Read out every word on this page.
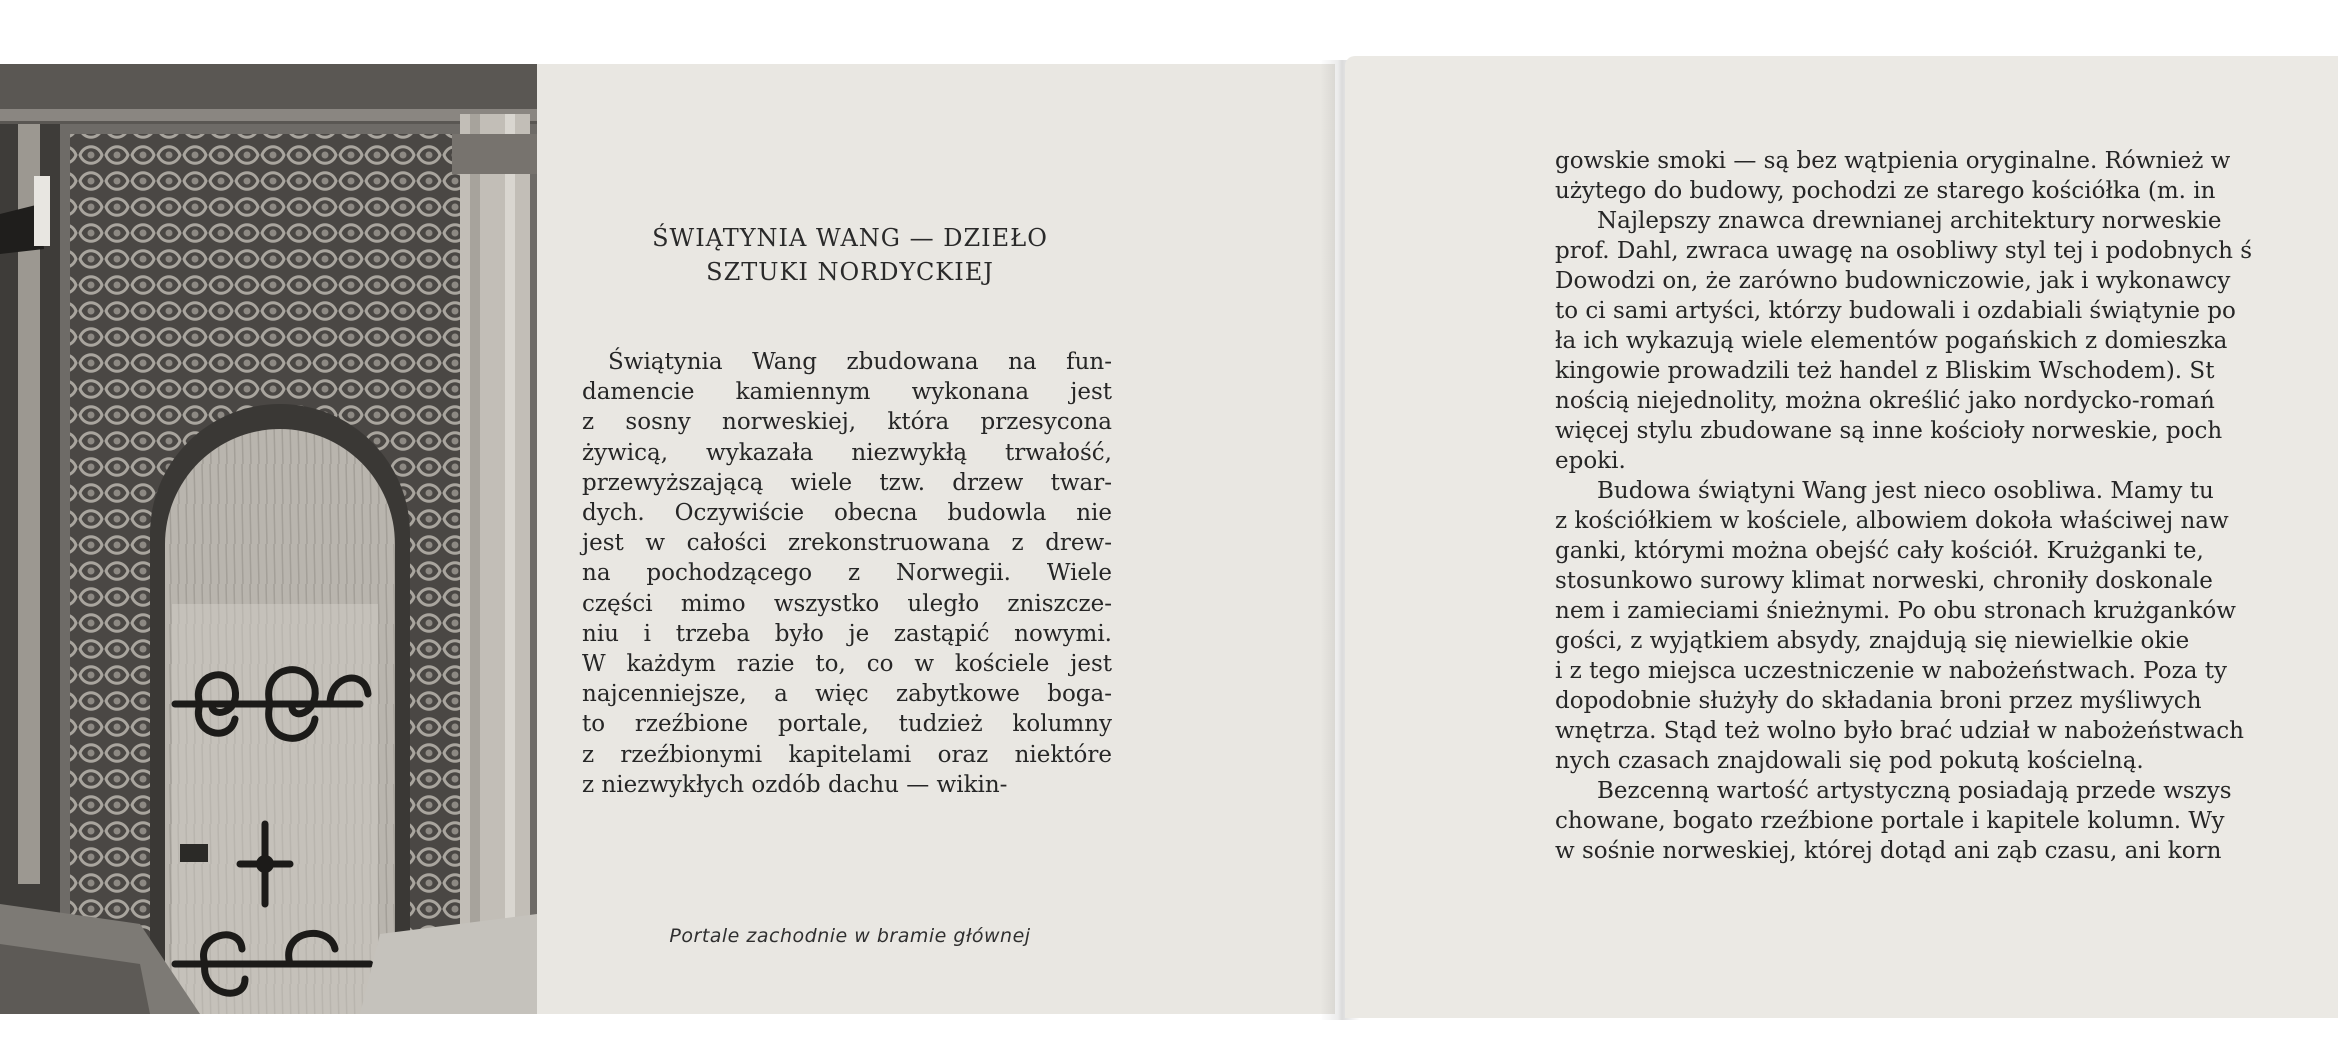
ŚWIĄTYNIA WANG — DZIEŁO
SZTUKI NORDYCKIEJ
Świątynia Wang zbudowana na fun-
damencie kamiennym wykonana jest
z sosny norweskiej, która przesycona
żywicą, wykazała niezwykłą trwałość,
przewyższającą wiele tzw. drzew twar-
dych. Oczywiście obecna budowla nie
jest w całości zrekonstruowana z drew-
na pochodzącego z Norwegii. Wiele
części mimo wszystko uległo zniszcze-
niu i trzeba było je zastąpić nowymi.
W każdym razie to, co w kościele jest
najcenniejsze, a więc zabytkowe boga-
to rzeźbione portale, tudzież kolumny
z rzeźbionymi kapitelami oraz niektóre
z niezwykłych ozdób dachu — wikin-
Portale zachodnie w bramie głównej
gowskie smoki — są bez wątpienia oryginalne. Również w
użytego do budowy, pochodzi ze starego kościółka (m. in
Najlepszy znawca drewnianej architektury norweskie
prof. Dahl, zwraca uwagę na osobliwy styl tej i podobnych ś
Dowodzi on, że zarówno budowniczowie, jak i wykonawcy
to ci sami artyści, którzy budowali i ozdabiali świątynie po
ła ich wykazują wiele elementów pogańskich z domieszka
kingowie prowadzili też handel z Bliskim Wschodem). St
nością niejednolity, można określić jako nordycko-romań
więcej stylu zbudowane są inne kościoły norweskie, poch
epoki.
Budowa świątyni Wang jest nieco osobliwa. Mamy tu
z kościółkiem w kościele, albowiem dokoła właściwej naw
ganki, którymi można obejść cały kościół. Krużganki te,
stosunkowo surowy klimat norweski, chroniły doskonale
nem i zamieciami śnieżnymi. Po obu stronach krużganków
gości, z wyjątkiem absydy, znajdują się niewielkie okie
i z tego miejsca uczestniczenie w nabożeństwach. Poza ty
dopodobnie służyły do składania broni przez myśliwych
wnętrza. Stąd też wolno było brać udział w nabożeństwach
nych czasach znajdowali się pod pokutą kościelną.
Bezcenną wartość artystyczną posiadają przede wszys
chowane, bogato rzeźbione portale i kapitele kolumn. Wy
w sośnie norweskiej, której dotąd ani ząb czasu, ani korn
